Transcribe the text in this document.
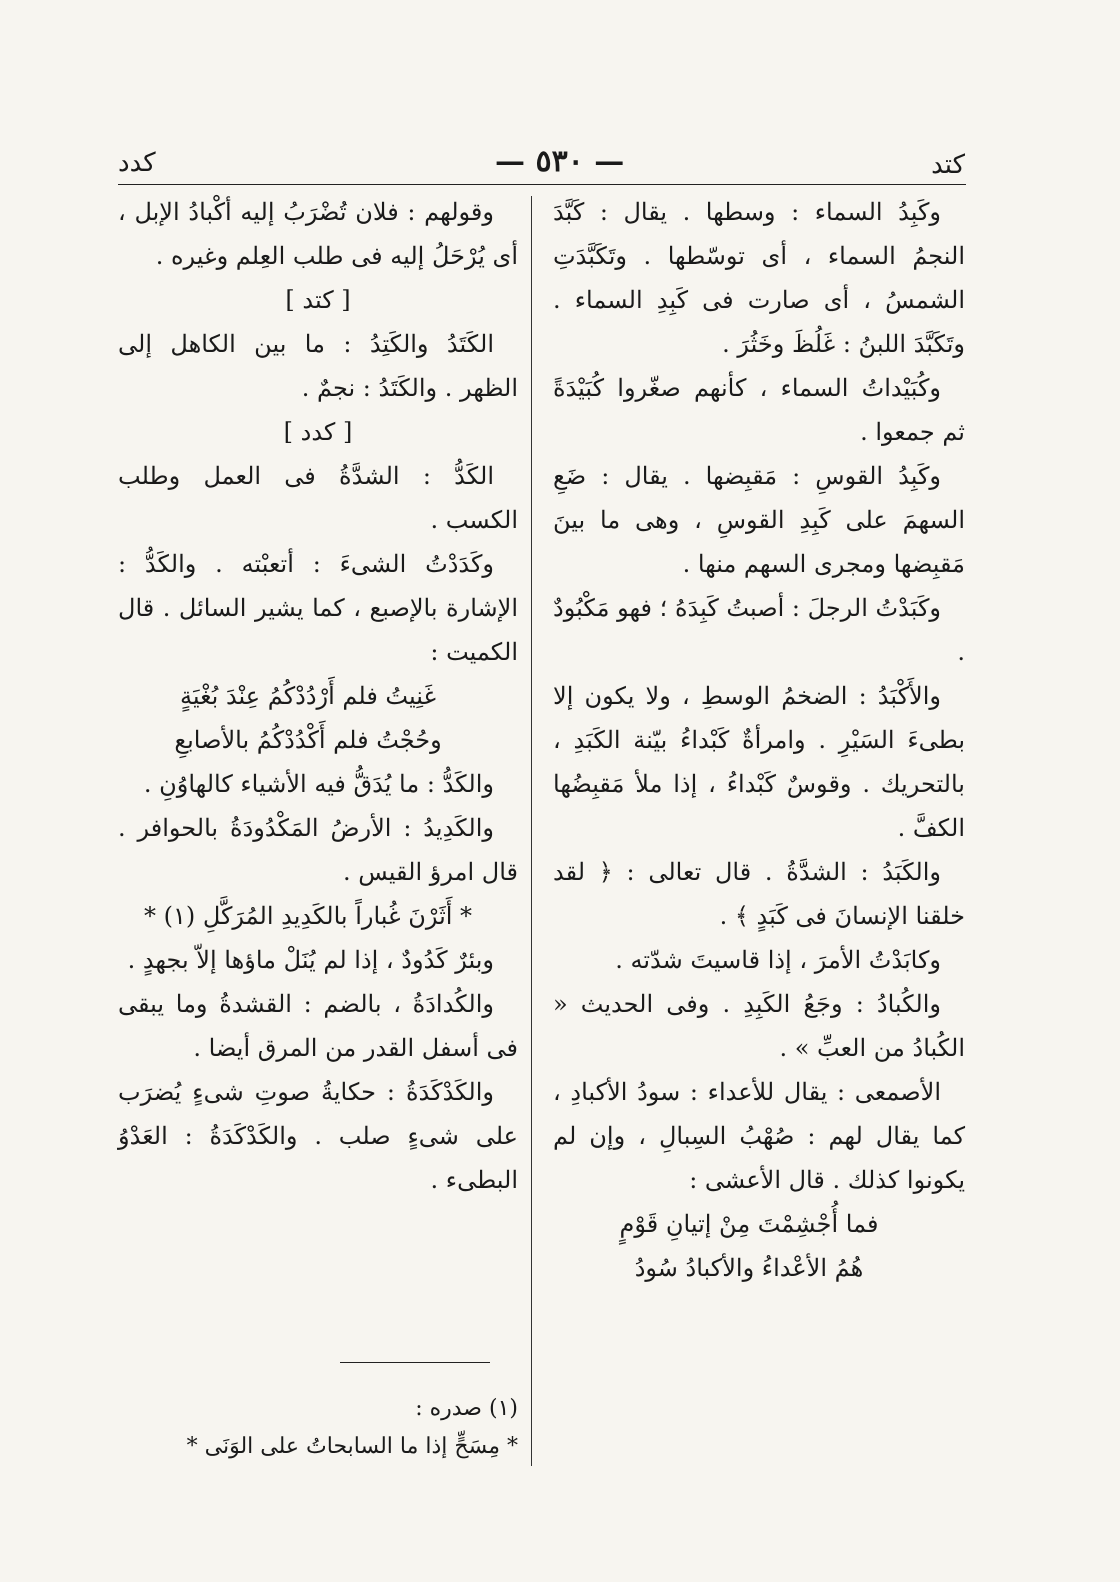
كتد
— ٥٣٠ —
كدد

وكَبِدُ السماء : وسطها . يقال : كَبَّدَ النجمُ السماء ، أى توسّطها . وتَكَبَّدَتِ الشمسُ ، أى صارت فى كَبِدِ السماء . وتَكَبَّدَ اللبنُ : غَلُظَ وخَثُرَ .

وكُبَيْداتُ السماء ، كأنهم صغّروا كُبَيْدَةً ثم جمعوا .

وكَبِدُ القوسِ : مَقبِضها . يقال : ضَعِ السهمَ على كَبِدِ القوسِ ، وهى ما بينَ مَقبِضها ومجرى السهم منها .

وكَبَدْتُ الرجلَ : أصبتُ كَبِدَهُ ؛ فهو مَكْبُودٌ .

والأَكْبَدُ : الضخمُ الوسطِ ، ولا يكون إلا بطىءَ السَيْرِ . وامرأةٌ كَبْداءُ بيّنة الكَبَدِ ، بالتحريك . وقوسٌ كَبْداءُ ، إذا ملأ مَقبِضُها الكفَّ .

والكَبَدُ : الشدَّةُ . قال تعالى : ﴿ لقد خلقنا الإنسانَ فى كَبَدٍ ﴾ .

وكابَدْتُ الأمرَ ، إذا قاسيتَ شدّته .

والكُبادُ : وجَعُ الكَبِدِ . وفى الحديث « الكُبادُ من العبِّ » .

الأصمعى : يقال للأعداء : سودُ الأكبادِ ، كما يقال لهم : صُهْبُ السِبالِ ، وإن لم يكونوا كذلك . قال الأعشى :

فما أُجْشِمْتَ مِنْ إتيانِ قَوْمٍ

هُمُ الأعْداءُ والأكبادُ سُودُ

وقولهم : فلان تُضْرَبُ إليه أكْبادُ الإبل ، أى يُرْحَلُ إليه فى طلب العِلم وغيره .

[ كتد ]

الكَتَدُ والكَتِدُ : ما بين الكاهل إلى الظهر . والكَتَدُ : نجمٌ .

[ كدد ]

الكَدُّ : الشدَّةُ فى العمل وطلب الكسب .

وكَدَدْتُ الشىءَ : أتعبْته . والكَدُّ : الإشارة بالإصبع ، كما يشير السائل . قال الكميت :

غَنِيتُ فلم أَرْدُدْكُمُ عِنْدَ بُغْيَةٍ

وحُجْتُ فلم أَكْدُدْكُمُ بالأصابعِ

والكَدُّ : ما يُدَقُّ فيه الأشياء كالهاوُنِ .

والكَدِيدُ : الأرضُ المَكْدُودَةُ بالحوافر . قال امرؤ القيس .

* أَثَرْنَ غُباراً بالكَدِيدِ المُرَكَّلِ (١) *

وبئرٌ كَدُودٌ ، إذا لم يُنَلْ ماؤها إلاّ بجهدٍ .

والكُدادَةُ ، بالضم : القشدةُ وما يبقى فى أسفل القدر من المرق أيضا .

والكَدْكَدَةُ : حكايةُ صوتِ شىءٍ يُضرَب على شىءٍ صلب . والكَدْكَدَةُ : العَدْوُ البطىء .

(١) صدره :

* مِسَحٍّ إذا ما السابحاتُ على الوَنَى *
